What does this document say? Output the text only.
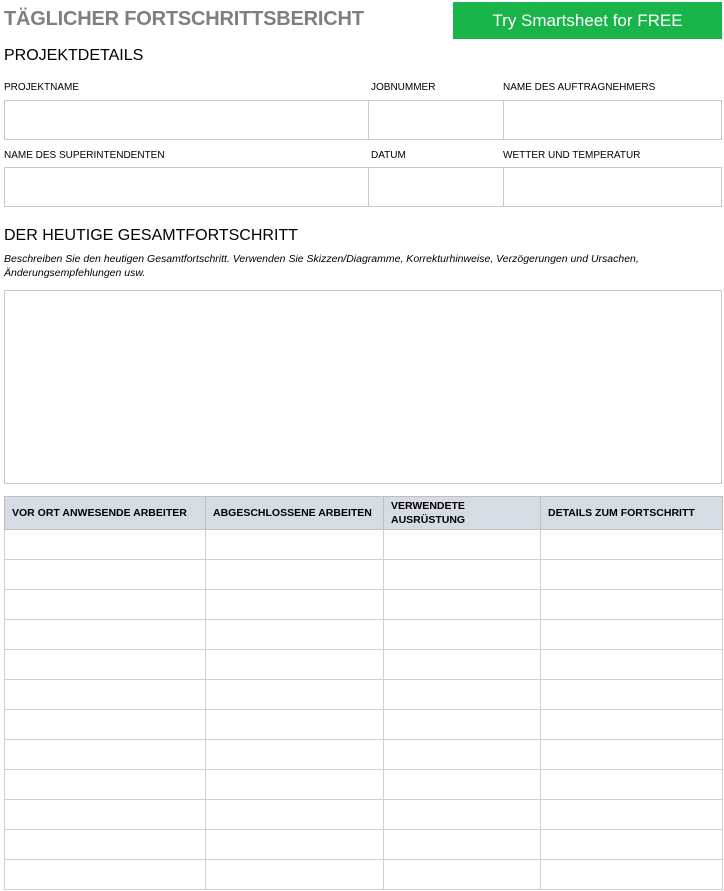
TÄGLICHER FORTSCHRITTSBERICHT	Try Smartsheet for FREE
PROJEKTDETAILS
PROJEKTNAME	JOBNUMMER	NAME DES AUFTRAGNEHMERS
NAME DES SUPERINTENDENTEN	DATUM	WETTER UND TEMPERATUR
DER HEUTIGE GESAMTFORTSCHRITT
Beschreiben Sie den heutigen Gesamtfortschritt. Verwenden Sie Skizzen/Diagramme, Korrekturhinweise, Verzögerungen und Ursachen, Änderungsempfehlungen usw.
VOR ORT ANWESENDE ARBEITER	ABGESCHLOSSENE ARBEITEN	VERWENDETE AUSRÜSTUNG	DETAILS ZUM FORTSCHRITT
